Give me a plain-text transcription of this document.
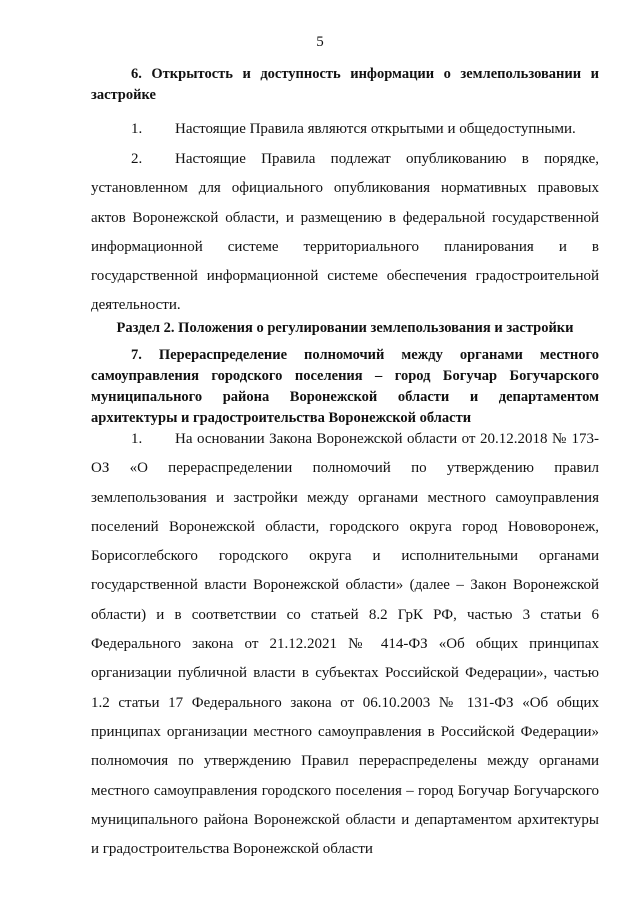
5
6. Открытость и доступность информации о землепользовании и застройке
1. Настоящие Правила являются открытыми и общедоступными.
2. Настоящие Правила подлежат опубликованию в порядке, установленном для официального опубликования нормативных правовых актов Воронежской области, и размещению в федеральной государственной информационной системе территориального планирования и в государственной информационной системе обеспечения градостроительной деятельности.
Раздел 2. Положения о регулировании землепользования и застройки
7. Перераспределение полномочий между органами местного самоуправления городского поселения – город Богучар Богучарского муниципального района Воронежской области и департаментом архитектуры и градостроительства Воронежской области
1. На основании Закона Воронежской области от 20.12.2018 № 173-ОЗ «О перераспределении полномочий по утверждению правил землепользования и застройки между органами местного самоуправления поселений Воронежской области, городского округа город Нововоронеж, Борисоглебского городского округа и исполнительными органами государственной власти Воронежской области» (далее – Закон Воронежской области) и в соответствии со статьей 8.2 ГрК РФ, частью 3 статьи 6 Федерального закона от 21.12.2021 № 414-ФЗ «Об общих принципах организации публичной власти в субъектах Российской Федерации», частью 1.2 статьи 17 Федерального закона от 06.10.2003 № 131-ФЗ «Об общих принципах организации местного самоуправления в Российской Федерации» полномочия по утверждению Правил перераспределены между органами местного самоуправления городского поселения – город Богучар Богучарского муниципального района Воронежской области и департаментом архитектуры и градостроительства Воронежской области
